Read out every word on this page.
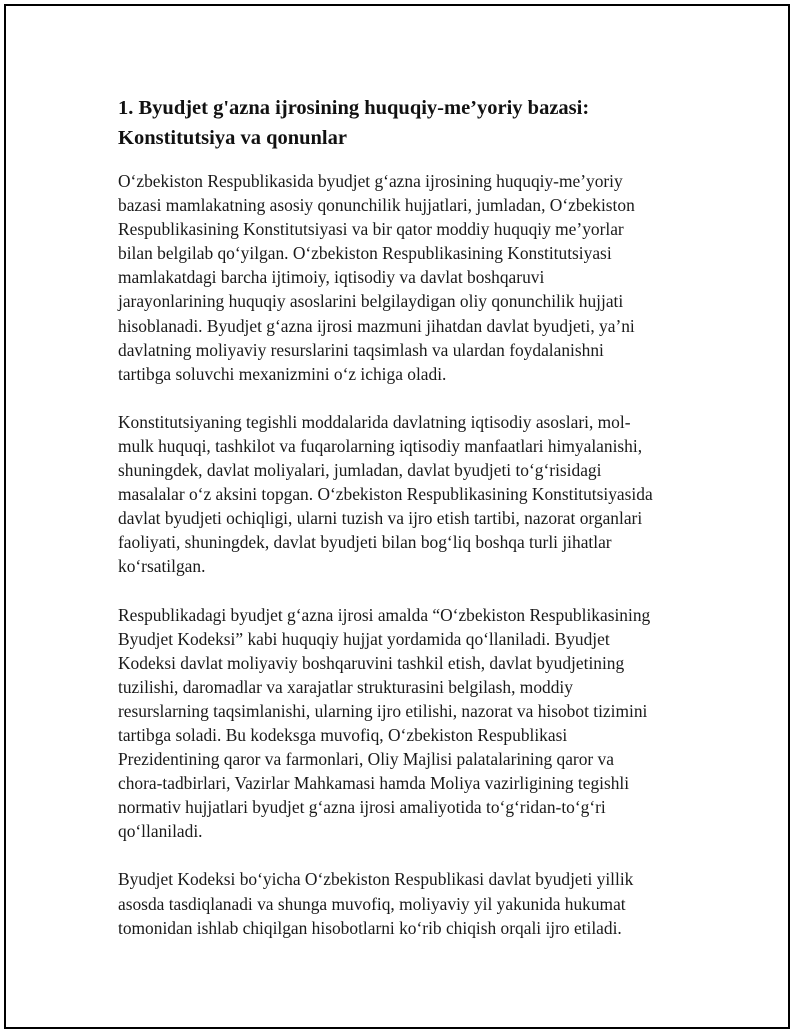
1. Byudjet g'azna ijrosining huquqiy-me’yoriy bazasi:
Konstitutsiya va qonunlar

O‘zbekiston Respublikasida byudjet g‘azna ijrosining huquqiy-me’yoriy
bazasi mamlakatning asosiy qonunchilik hujjatlari, jumladan, O‘zbekiston
Respublikasining Konstitutsiyasi va bir qator moddiy huquqiy me’yorlar
bilan belgilab qo‘yilgan. O‘zbekiston Respublikasining Konstitutsiyasi
mamlakatdagi barcha ijtimoiy, iqtisodiy va davlat boshqaruvi
jarayonlarining huquqiy asoslarini belgilaydigan oliy qonunchilik hujjati
hisoblanadi. Byudjet g‘azna ijrosi mazmuni jihatdan davlat byudjeti, ya’ni
davlatning moliyaviy resurslarini taqsimlash va ulardan foydalanishni
tartibga soluvchi mexanizmini o‘z ichiga oladi.

Konstitutsiyaning tegishli moddalarida davlatning iqtisodiy asoslari, mol-
mulk huquqi, tashkilot va fuqarolarning iqtisodiy manfaatlari himyalanishi,
shuningdek, davlat moliyalari, jumladan, davlat byudjeti to‘g‘risidagi
masalalar o‘z aksini topgan. O‘zbekiston Respublikasining Konstitutsiyasida
davlat byudjeti ochiqligi, ularni tuzish va ijro etish tartibi, nazorat organlari
faoliyati, shuningdek, davlat byudjeti bilan bog‘liq boshqa turli jihatlar
ko‘rsatilgan.

Respublikadagi byudjet g‘azna ijrosi amalda “O‘zbekiston Respublikasining
Byudjet Kodeksi” kabi huquqiy hujjat yordamida qo‘llaniladi. Byudjet
Kodeksi davlat moliyaviy boshqaruvini tashkil etish, davlat byudjetining
tuzilishi, daromadlar va xarajatlar strukturasini belgilash, moddiy
resurslarning taqsimlanishi, ularning ijro etilishi, nazorat va hisobot tizimini
tartibga soladi. Bu kodeksga muvofiq, O‘zbekiston Respublikasi
Prezidentining qaror va farmonlari, Oliy Majlisi palatalarining qaror va
chora-tadbirlari, Vazirlar Mahkamasi hamda Moliya vazirligining tegishli
normativ hujjatlari byudjet g‘azna ijrosi amaliyotida to‘g‘ridan-to‘g‘ri
qo‘llaniladi.

Byudjet Kodeksi bo‘yicha O‘zbekiston Respublikasi davlat byudjeti yillik
asosda tasdiqlanadi va shunga muvofiq, moliyaviy yil yakunida hukumat
tomonidan ishlab chiqilgan hisobotlarni ko‘rib chiqish orqali ijro etiladi.
